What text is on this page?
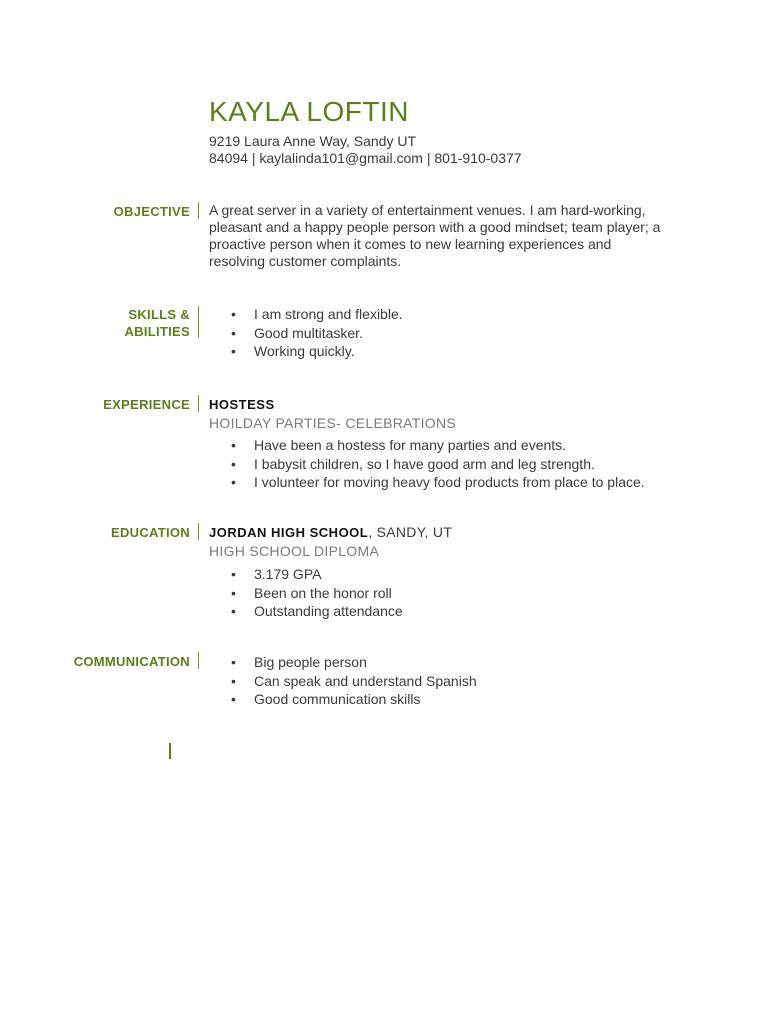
KAYLA LOFTIN
9219 Laura Anne Way, Sandy UT
84094 | kaylalinda101@gmail.com | 801-910-0377
OBJECTIVE A great server in a variety of entertainment venues. I am hard-working, pleasant and a happy people person with a good mindset; team player; a proactive person when it comes to new learning experiences and resolving customer complaints.
SKILLS &
ABILITIES
• I am strong and flexible.
• Good multitasker.
• Working quickly.
EXPERIENCE HOSTESS
HOILDAY PARTIES- CELEBRATIONS
• Have been a hostess for many parties and events.
• I babysit children, so I have good arm and leg strength.
• I volunteer for moving heavy food products from place to place.
EDUCATION JORDAN HIGH SCHOOL, SANDY, UT
HIGH SCHOOL DIPLOMA
• 3.179 GPA
• Been on the honor roll
• Outstanding attendance
COMMUNICATION	• Big people person
• Can speak and understand Spanish
• Good communication skills
